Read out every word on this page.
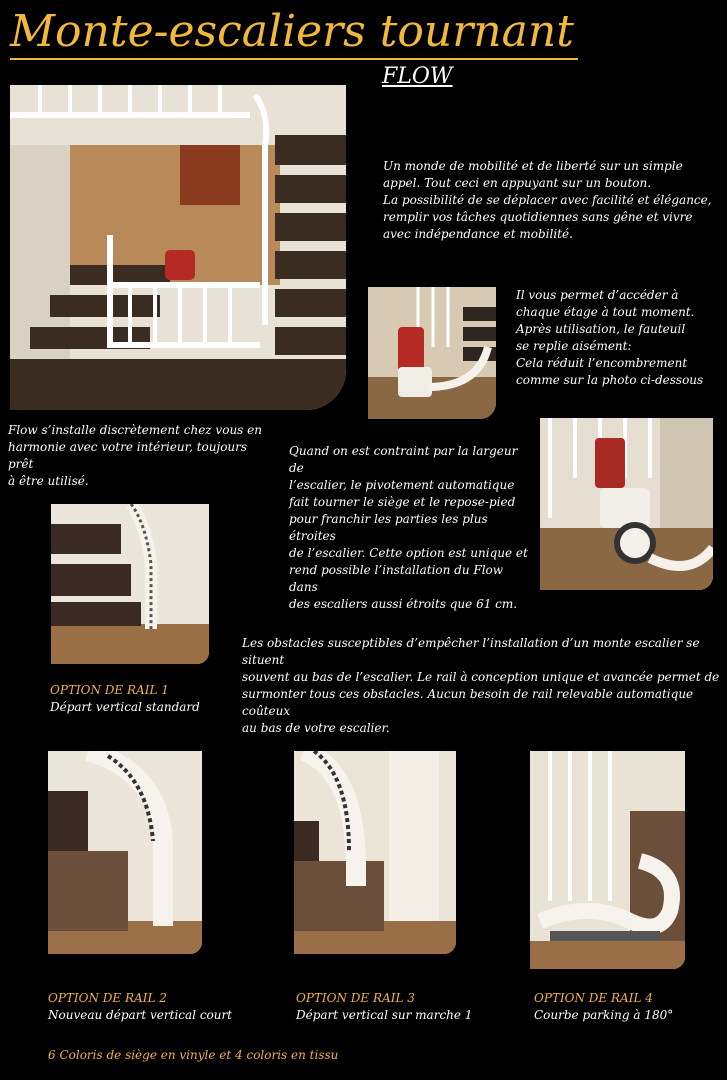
Monte-escaliers tournant
FLOW
Un monde de mobilité et de liberté sur un simple
appel. Tout ceci en appuyant sur un bouton.
La possibilité de se déplacer avec facilité et élégance,
remplir vos tâches quotidiennes sans gêne et vivre
avec indépendance et mobilité.
Il vous permet d’accéder à
chaque étage à tout moment.
Après utilisation, le fauteuil
se replie aisément:
Cela réduit l’encombrement
comme sur la photo ci-dessous
Flow s’installe discrètement chez vous en
harmonie avec votre intérieur, toujours prêt
à être utilisé.
Quand on est contraint par la largeur de
l’escalier, le pivotement automatique
fait tourner le siège et le repose-pied
pour franchir les parties les plus étroites
de l’escalier. Cette option est unique et
rend possible l’installation du Flow dans
des escaliers aussi étroits que 61 cm.
Les obstacles susceptibles d’empêcher l’installation d’un monte escalier se situent
souvent au bas de l’escalier. Le rail à conception unique et avancée permet de
surmonter tous ces obstacles. Aucun besoin de rail relevable automatique coûteux
au bas de votre escalier.
OPTION DE RAIL 1
Départ vertical standard
OPTION DE RAIL 2
Nouveau départ vertical court
OPTION DE RAIL 3
Départ vertical sur marche 1
OPTION DE RAIL 4
Courbe parking à 180°
6 Coloris de siège en vinyle et 4 coloris en tissu
